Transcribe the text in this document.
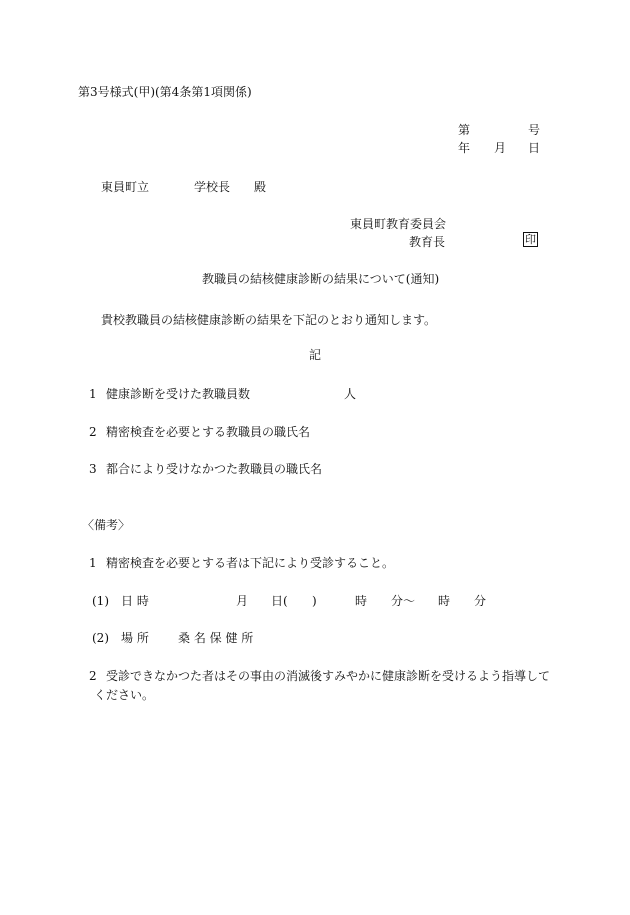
第3号様式(甲)(第4条第1項関係)
第	号
年 月 日
東員町立	学校長 殿
東員町教育委員会
教育長	印
教職員の結核健康診断の結果について(通知)
貴校教職員の結核健康診断の結果を下記のとおり通知します。
記
1 健康診断を受けた教職員数	人
2 精密検査を必要とする教職員の職氏名
3 都合により受けなかつた教職員の職氏名
〈備考〉
1 精密検査を必要とする者は下記により受診すること。
(1) 日 時	月 日( )	時 分〜 時 分
(2) 場 所 桑 名 保 健 所
2 受診できなかつた者はその事由の消滅後すみやかに健康診断を受けるよう指導して
ください。
